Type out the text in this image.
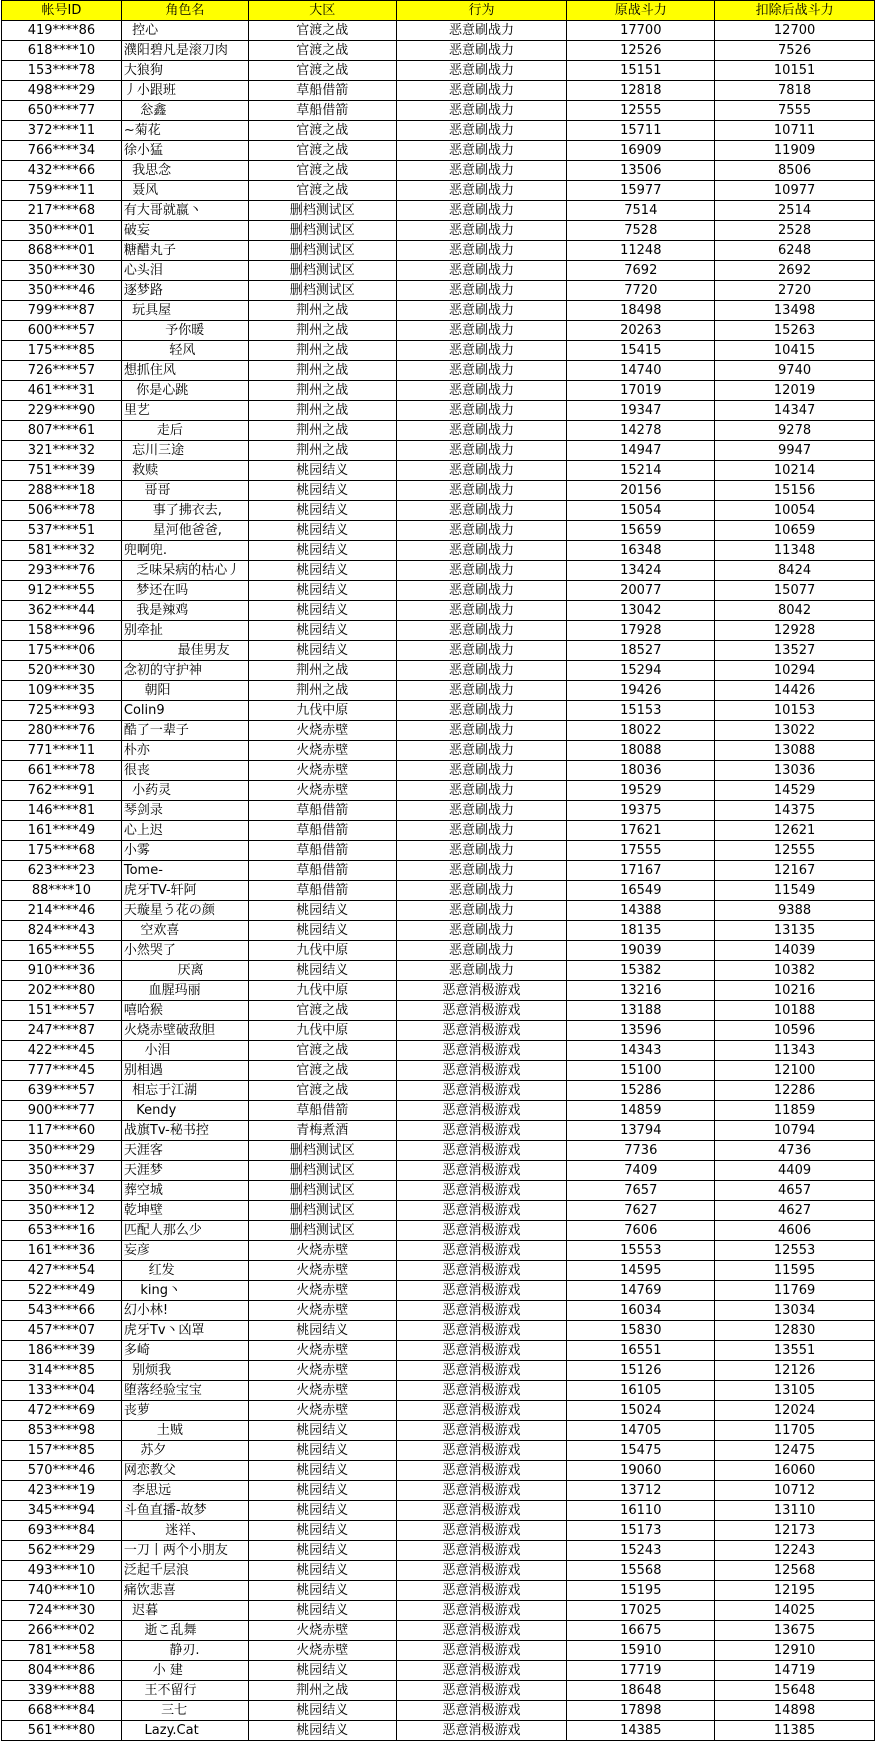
帐号ID	角色名	大区	行为	原战斗力	扣除后战斗力
419****86	控心	官渡之战	恶意刷战力	17700	12700
618****10	濮阳碧凡是滚刀肉	官渡之战	恶意刷战力	12526	7526
153****78	大狼狗	官渡之战	恶意刷战力	15151	10151
498****29	丿小跟班	草船借箭	恶意刷战力	12818	7818
650****77	忩鑫	草船借箭	恶意刷战力	12555	7555
372****11	~菊花	官渡之战	恶意刷战力	15711	10711
766****34	徐小猛	官渡之战	恶意刷战力	16909	11909
432****66	我思念	官渡之战	恶意刷战力	13506	8506
759****11	聂风	官渡之战	恶意刷战力	15977	10977
217****68	有大哥就嬴丶	删档测试区	恶意刷战力	7514	2514
350****01	破妄	删档测试区	恶意刷战力	7528	2528
868****01	糖醋丸子	删档测试区	恶意刷战力	11248	6248
350****30	心头泪	删档测试区	恶意刷战力	7692	2692
350****46	逐梦路	删档测试区	恶意刷战力	7720	2720
799****87	玩具屋	荆州之战	恶意刷战力	18498	13498
600****57	予你暖	荆州之战	恶意刷战力	20263	15263
175****85	轻风	荆州之战	恶意刷战力	15415	10415
726****57	想抓住风	荆州之战	恶意刷战力	14740	9740
461****31	你是心跳	荆州之战	恶意刷战力	17019	12019
229****90	里艺	荆州之战	恶意刷战力	19347	14347
807****61	走后	荆州之战	恶意刷战力	14278	9278
321****32	忘川三途	荆州之战	恶意刷战力	14947	9947
751****39	救赎	桃园结义	恶意刷战力	15214	10214
288****18	哥哥	桃园结义	恶意刷战力	20156	15156
506****78	事了拂衣去,	桃园结义	恶意刷战力	15054	10054
537****51	星河他爸爸,	桃园结义	恶意刷战力	15659	10659
581****32	兜啊兜.	桃园结义	恶意刷战力	16348	11348
293****76	乏味呆病的枯心丿	桃园结义	恶意刷战力	13424	8424
912****55	梦还在吗	桃园结义	恶意刷战力	20077	15077
362****44	我是辣鸡	桃园结义	恶意刷战力	13042	8042
158****96	别牵扯	桃园结义	恶意刷战力	17928	12928
175****06	最佳男友	桃园结义	恶意刷战力	18527	13527
520****30	念初的守护神	荆州之战	恶意刷战力	15294	10294
109****35	朝阳	荆州之战	恶意刷战力	19426	14426
725****93	Colin9	九伐中原	恶意刷战力	15153	10153
280****76	酷了一辈子	火烧赤壁	恶意刷战力	18022	13022
771****11	朴亦	火烧赤壁	恶意刷战力	18088	13088
661****78	很丧	火烧赤壁	恶意刷战力	18036	13036
762****91	小药灵	火烧赤壁	恶意刷战力	19529	14529
146****81	琴剑录	草船借箭	恶意刷战力	19375	14375
161****49	心上迟	草船借箭	恶意刷战力	17621	12621
175****68	小雾	草船借箭	恶意刷战力	17555	12555
623****23	Tome-	草船借箭	恶意刷战力	17167	12167
88****10	虎牙TV-轩阿	草船借箭	恶意刷战力	16549	11549
214****46	天璇星う花の颜	桃园结义	恶意刷战力	14388	9388
824****43	空欢喜	桃园结义	恶意刷战力	18135	13135
165****55	小然哭了	九伐中原	恶意刷战力	19039	14039
910****36	厌离	桃园结义	恶意刷战力	15382	10382
202****80	血腥玛丽	九伐中原	恶意消极游戏	13216	10216
151****57	嘻哈猴	官渡之战	恶意消极游戏	13188	10188
247****87	火烧赤壁破敌胆	九伐中原	恶意消极游戏	13596	10596
422****45	小泪	官渡之战	恶意消极游戏	14343	11343
777****45	别相遇	官渡之战	恶意消极游戏	15100	12100
639****57	相忘于江湖	官渡之战	恶意消极游戏	15286	12286
900****77	Kendy	草船借箭	恶意消极游戏	14859	11859
117****60	战旗Tv-秘书控	青梅煮酒	恶意消极游戏	13794	10794
350****29	天涯客	删档测试区	恶意消极游戏	7736	4736
350****37	天涯梦	删档测试区	恶意消极游戏	7409	4409
350****34	葬空城	删档测试区	恶意消极游戏	7657	4657
350****12	乾坤壁	删档测试区	恶意消极游戏	7627	4627
653****16	匹配人那么少	删档测试区	恶意消极游戏	7606	4606
161****36	妄彦	火烧赤壁	恶意消极游戏	15553	12553
427****54	红发	火烧赤壁	恶意消极游戏	14595	11595
522****49	king丶	火烧赤壁	恶意消极游戏	14769	11769
543****66	幻小林!	火烧赤壁	恶意消极游戏	16034	13034
457****07	虎牙Tv丶凶罩	桃园结义	恶意消极游戏	15830	12830
186****39	多崎	火烧赤壁	恶意消极游戏	16551	13551
314****85	别烦我	火烧赤壁	恶意消极游戏	15126	12126
133****04	堕落经验宝宝	火烧赤壁	恶意消极游戏	16105	13105
472****69	丧萝	火烧赤壁	恶意消极游戏	15024	12024
853****98	土贼	桃园结义	恶意消极游戏	14705	11705
157****85	苏夕	桃园结义	恶意消极游戏	15475	12475
570****46	网恋教父	桃园结义	恶意消极游戏	19060	16060
423****19	李思远	桃园结义	恶意消极游戏	13712	10712
345****94	斗鱼直播-故梦	桃园结义	恶意消极游戏	16110	13110
693****84	迷祥、	桃园结义	恶意消极游戏	15173	12173
562****29	一刀丨两个小朋友	桃园结义	恶意消极游戏	15243	12243
493****10	泛起千层浪	桃园结义	恶意消极游戏	15568	12568
740****10	痛饮悲喜	桃园结义	恶意消极游戏	15195	12195
724****30	迟暮	桃园结义	恶意消极游戏	17025	14025
266****02	逝こ乱舞	火烧赤壁	恶意消极游戏	16675	13675
781****58	静刃.	火烧赤壁	恶意消极游戏	15910	12910
804****86	小 建	桃园结义	恶意消极游戏	17719	14719
339****88	王不留行	荆州之战	恶意消极游戏	18648	15648
668****84	三七	桃园结义	恶意消极游戏	17898	14898
561****80	Lazy.Cat	桃园结义	恶意消极游戏	14385	11385
